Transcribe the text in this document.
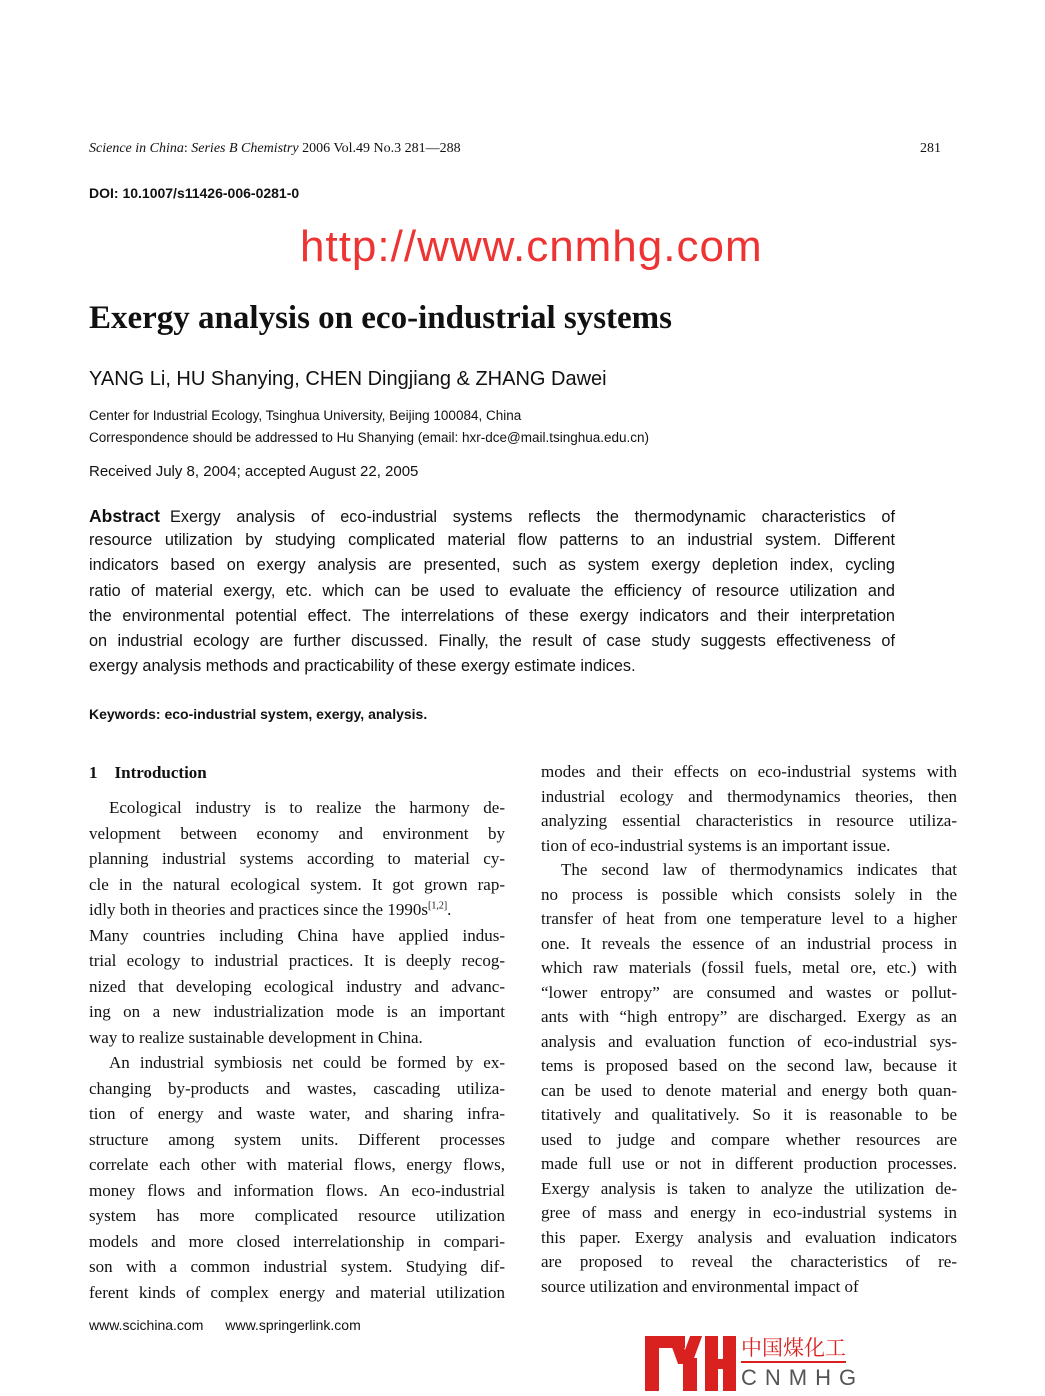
Science in China: Series B Chemistry 2006 Vol.49 No.3 281—288	281
DOI: 10.1007/s11426-006-0281-0
http://www.cnmhg.com
Exergy analysis on eco-industrial systems
YANG Li, HU Shanying, CHEN Dingjiang & ZHANG Dawei
Center for Industrial Ecology, Tsinghua University, Beijing 100084, China
Correspondence should be addressed to Hu Shanying (email: hxr-dce@mail.tsinghua.edu.cn)
Received July 8, 2004; accepted August 22, 2005
Abstract Exergy analysis of eco-industrial systems reflects the thermodynamic characteristics of
resource utilization by studying complicated material flow patterns to an industrial system. Different
indicators based on exergy analysis are presented, such as system exergy depletion index, cycling
ratio of material exergy, etc. which can be used to evaluate the efficiency of resource utilization and
the environmental potential effect. The interrelations of these exergy indicators and their interpretation
on industrial ecology are further discussed. Finally, the result of case study suggests effectiveness of
exergy analysis methods and practicability of these exergy estimate indices.
Keywords: eco-industrial system, exergy, analysis.
1    Introduction
Ecological industry is to realize the harmony de-
velopment between economy and environment by
planning industrial systems according to material cy-
cle in the natural ecological system. It got grown rap-
idly both in theories and practices since the 1990s[1,2].
Many countries including China have applied indus-
trial ecology to industrial practices. It is deeply recog-
nized that developing ecological industry and advanc-
ing on a new industrialization mode is an important
way to realize sustainable development in China.
An industrial symbiosis net could be formed by ex-
changing by-products and wastes, cascading utiliza-
tion of energy and waste water, and sharing infra-
structure among system units. Different processes
correlate each other with material flows, energy flows,
money flows and information flows. An eco-industrial
system has more complicated resource utilization
models and more closed interrelationship in compari-
son with a common industrial system. Studying dif-
ferent kinds of complex energy and material utilization
modes and their effects on eco-industrial systems with
industrial ecology and thermodynamics theories, then
analyzing essential characteristics in resource utiliza-
tion of eco-industrial systems is an important issue.
The second law of thermodynamics indicates that
no process is possible which consists solely in the
transfer of heat from one temperature level to a higher
one. It reveals the essence of an industrial process in
which raw materials (fossil fuels, metal ore, etc.) with
“lower entropy” are consumed and wastes or pollut-
ants with “high entropy” are discharged. Exergy as an
analysis and evaluation function of eco-industrial sys-
tems is proposed based on the second law, because it
can be used to denote material and energy both quan-
titatively and qualitatively. So it is reasonable to be
used to judge and compare whether resources are
made full use or not in different production processes.
Exergy analysis is taken to analyze the utilization de-
gree of mass and energy in eco-industrial systems in
this paper. Exergy analysis and evaluation indicators
are proposed to reveal the characteristics of re-
source utilization and environmental impact of
www.scichina.com www.springerlink.com
中国煤化工
CNMHG
